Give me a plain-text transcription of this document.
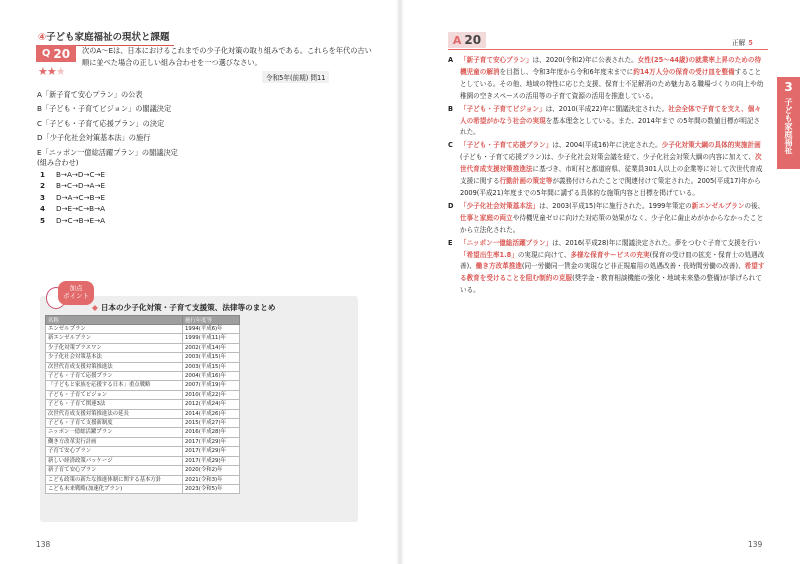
④子ども家庭福祉の現状と課題
Q 20
★★★
次のA～Eは、日本におけるこれまでの少子化対策の取り組みである。これらを年代の古い順に並べた場合の正しい組み合わせを一つ選びなさい。
令和5年(前期) 問11
A「新子育て安心プラン」の公表
B「子ども・子育てビジョン」の閣議決定
C「子ども・子育て応援プラン」の決定
D「少子化社会対策基本法」の施行
E「ニッポン一億総活躍プラン」の閣議決定
(組み合わせ)
1 B→A→D→C→E
2 B→C→D→A→E
3 D→A→C→B→E
4 D→E→C→B→A
5 D→C→B→E→A
加点
ポイント
◆ 日本の少子化対策・子育て支援策、法律等のまとめ
名称	施行年度等
エンゼルプラン	1994(平成6)年
新エンゼルプラン	1999(平成11)年
少子化対策プラスワン	2002(平成14)年
少子化社会対策基本法	2003(平成15)年
次世代育成支援対策推進法	2003(平成15)年
子ども・子育て応援プラン	2004(平成16)年
「子どもと家族を応援する日本」重点戦略	2007(平成19)年
子ども・子育てビジョン	2010(平成22)年
子ども・子育て関連3法	2012(平成24)年
次世代育成支援対策推進法の延長	2014(平成26)年
子ども・子育て支援新制度	2015(平成27)年
ニッポン一億総活躍プラン	2016(平成28)年
働き方改革実行計画	2017(平成29)年
子育て安心プラン	2017(平成29)年
新しい経済政策パッケージ	2017(平成29)年
新子育て安心プラン	2020(令和2)年
こども政策の新たな推進体制に関する基本方針	2021(令和3)年
こども未来戦略(加速化プラン)	2023(令和5)年
138
A 20	正解 5
A 「新子育て安心プラン」は、2020(令和2)年に公表された。女性(25～44歳)の就業率上昇のための待機児童の解消を目指し、令和3年度から令和6年度末までに約14万人分の保育の受け皿を整備することとしている。その他、地域の特性に応じた支援、保育士不足解消のため魅力ある職場づくりの向上や幼稚園の空きスペースの活用等の子育て資源の活用を推進している。
B 「子ども・子育てビジョン」は、2010(平成22)年に閣議決定された。社会全体で子育てを支え、個々人の希望がかなう社会の実現を基本理念としている。また、2014年まで の5年間の数値目標が明記された。
C 「子ども・子育て応援プラン」は、2004(平成16)年に決定された。少子化対策大綱の具体的実施計画(子ども・子育て応援プラン)は、少子化社会対策会議を経て、少子化社会対策大綱の内容に加えて、次世代育成支援対策推進法に基づき、市町村と都道府県、従業員301人以上の企業等に対して次世代育成支援に関する行動計画の策定等が義務付けられたことで関連付けて策定された。2005(平成17)年から2009(平成21)年度までの5年間に講ずる具体的な施策内容と目標を掲げている。
D 「少子化社会対策基本法」は、2003(平成15)年に施行された。1999年策定の新エンゼルプランの後、仕事と家庭の両立や待機児童ゼロに向けた対応策の効果がなく、少子化に歯止めがかからなかったことから立法化された。
E 「ニッポン一億総活躍プラン」は、2016(平成28)年に閣議決定された。夢をつむぐ子育て支援を行い「希望出生率1.8」の実現に向けて、多様な保育サービスの充実(保育の受け皿の拡充・保育士の処遇改善)、働き方改革推進(同一労働同一賃金の実現など非正規雇用の処遇改善・長時間労働の改善)、希望する教育を受けることを阻む制約の克服(奨学金・教育相談機能の強化・地域未来塾の整備)が挙げられている。
3
子ども家庭福祉
139
